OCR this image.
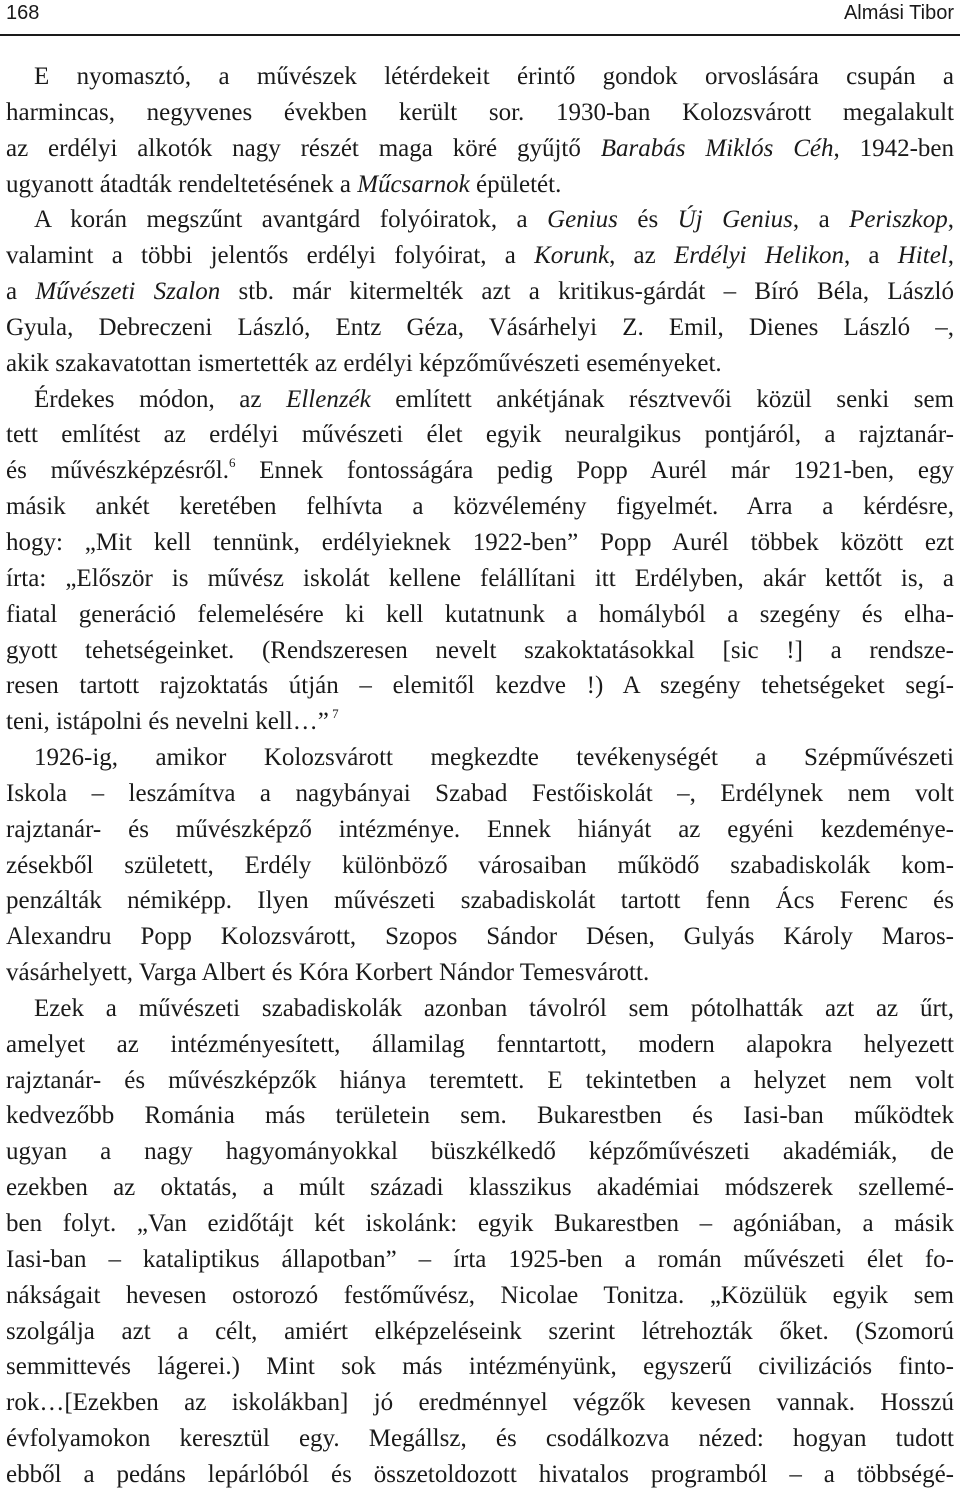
168	Almási Tibor
E nyomasztó, a művészek létérdekeit érintő gondok orvoslására csupán a
harmincas, negyvenes években került sor. 1930-ban Kolozsvárott megalakult
az erdélyi alkotók nagy részét maga köré gyűjtő Barabás Miklós Céh, 1942-ben
ugyanott átadták rendeltetésének a Műcsarnok épületét.
A korán megszűnt avantgárd folyóiratok, a Genius és Új Genius, a Periszkop,
valamint a többi jelentős erdélyi folyóirat, a Korunk, az Erdélyi Helikon, a Hitel,
a Művészeti Szalon stb. már kitermelték azt a kritikus-gárdát – Bíró Béla, László
Gyula, Debreczeni László, Entz Géza, Vásárhelyi Z. Emil, Dienes László –,
akik szakavatottan ismertették az erdélyi képzőművészeti eseményeket.
Érdekes módon, az Ellenzék említett ankétjának résztvevői közül senki sem
tett említést az erdélyi művészeti élet egyik neuralgikus pontjáról, a rajztanár-
és művészképzésről.$^6$ Ennek fontosságára pedig Popp Aurél már 1921-ben, egy
másik ankét keretében felhívta a közvélemény figyelmét. Arra a kérdésre,
hogy: „Mit kell tennünk, erdélyieknek 1922-ben” Popp Aurél többek között ezt
írta: „Először is művész iskolát kellene felállítani itt Erdélyben, akár kettőt is, a
fiatal generáció felemelésére ki kell kutatnunk a homályból a szegény és elha-
gyott tehetségeinket. (Rendszeresen nevelt szakoktatásokkal [sic !] a rendsze-
resen tartott rajzoktatás útján – elemitől kezdve !) A szegény tehetségeket segí-
teni, istápolni és nevelni kell…” $^7$
1926-ig, amikor Kolozsvárott megkezdte tevékenységét a Szépművészeti
Iskola – leszámítva a nagybányai Szabad Festőiskolát –, Erdélynek nem volt
rajztanár- és művészképző intézménye. Ennek hiányát az egyéni kezdeménye-
zésekből született, Erdély különböző városaiban működő szabadiskolák kom-
penzálták némiképp. Ilyen művészeti szabadiskolát tartott fenn Ács Ferenc és
Alexandru Popp Kolozsvárott, Szopos Sándor Désen, Gulyás Károly Maros-
vásárhelyett, Varga Albert és Kóra Korbert Nándor Temesvárott.
Ezek a művészeti szabadiskolák azonban távolról sem pótolhatták azt az űrt,
amelyet az intézményesített, államilag fenntartott, modern alapokra helyezett
rajztanár- és művészképzők hiánya teremtett. E tekintetben a helyzet nem volt
kedvezőbb Románia más területein sem. Bukarestben és Iasi-ban működtek
ugyan a nagy hagyományokkal büszkélkedő képzőművészeti akadémiák, de
ezekben az oktatás, a múlt századi klasszikus akadémiai módszerek szellemé-
ben folyt. „Van ezidőtájt két iskolánk: egyik Bukarestben – agóniában, a másik
Iasi-ban – kataliptikus állapotban” – írta 1925-ben a román művészeti élet fo-
nákságait hevesen ostorozó festőművész, Nicolae Tonitza. „Közülük egyik sem
szolgálja azt a célt, amiért elképzeléseink szerint létrehozták őket. (Szomorú
semmittevés lágerei.) Mint sok más intézményünk, egyszerű civilizációs fintо-
rok…[Ezekben az iskolákban] jó eredménnyel végzők kevesen vannak. Hosszú
évfolyamokon keresztül egy. Megállsz, és csodálkozva nézed: hogyan tudott
ebből a pedáns lepárlóból és összetoldozott hivatalos programból – a többségé-
